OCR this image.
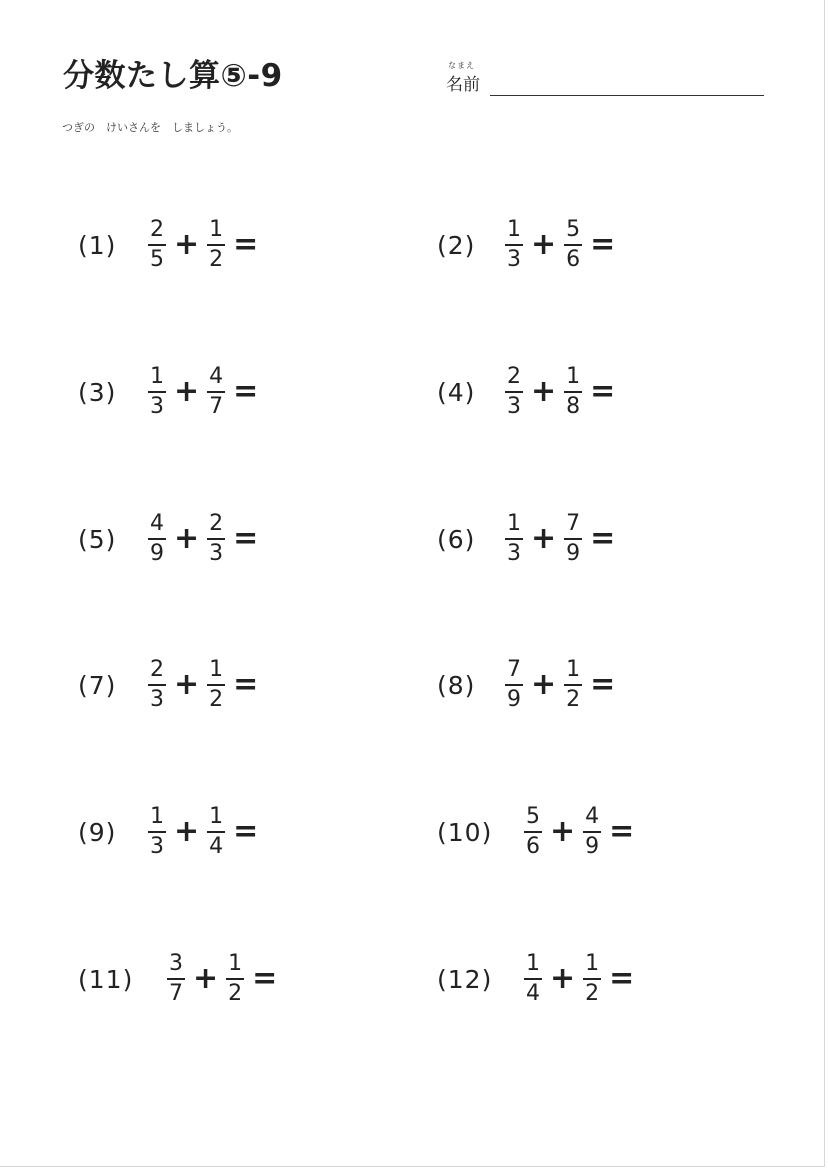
分数たし算⑤-9	なまえ
名前
つぎの　けいさんを　しましょう。
(1)	$\frac{2}{5} + \frac{1}{2}$ =
(3)	$\frac{1}{3} + \frac{4}{7}$ =
(5)	$\frac{4}{9} + \frac{2}{3}$ =
(7)	$\frac{2}{3} + \frac{1}{2}$ =
(9)	$\frac{1}{3} + \frac{1}{4}$ =
(11)	$\frac{3}{7} + \frac{1}{2}$ =
(2)	$\frac{1}{3} + \frac{5}{6}$ =
(4)	$\frac{2}{3} + \frac{1}{8}$ =
(6)	$\frac{1}{3} + \frac{7}{9}$ =
(8)	$\frac{7}{9} + \frac{1}{2}$ =
(10)	$\frac{5}{6} + \frac{4}{9}$ =
(12)	$\frac{1}{4} + \frac{1}{2}$ =
